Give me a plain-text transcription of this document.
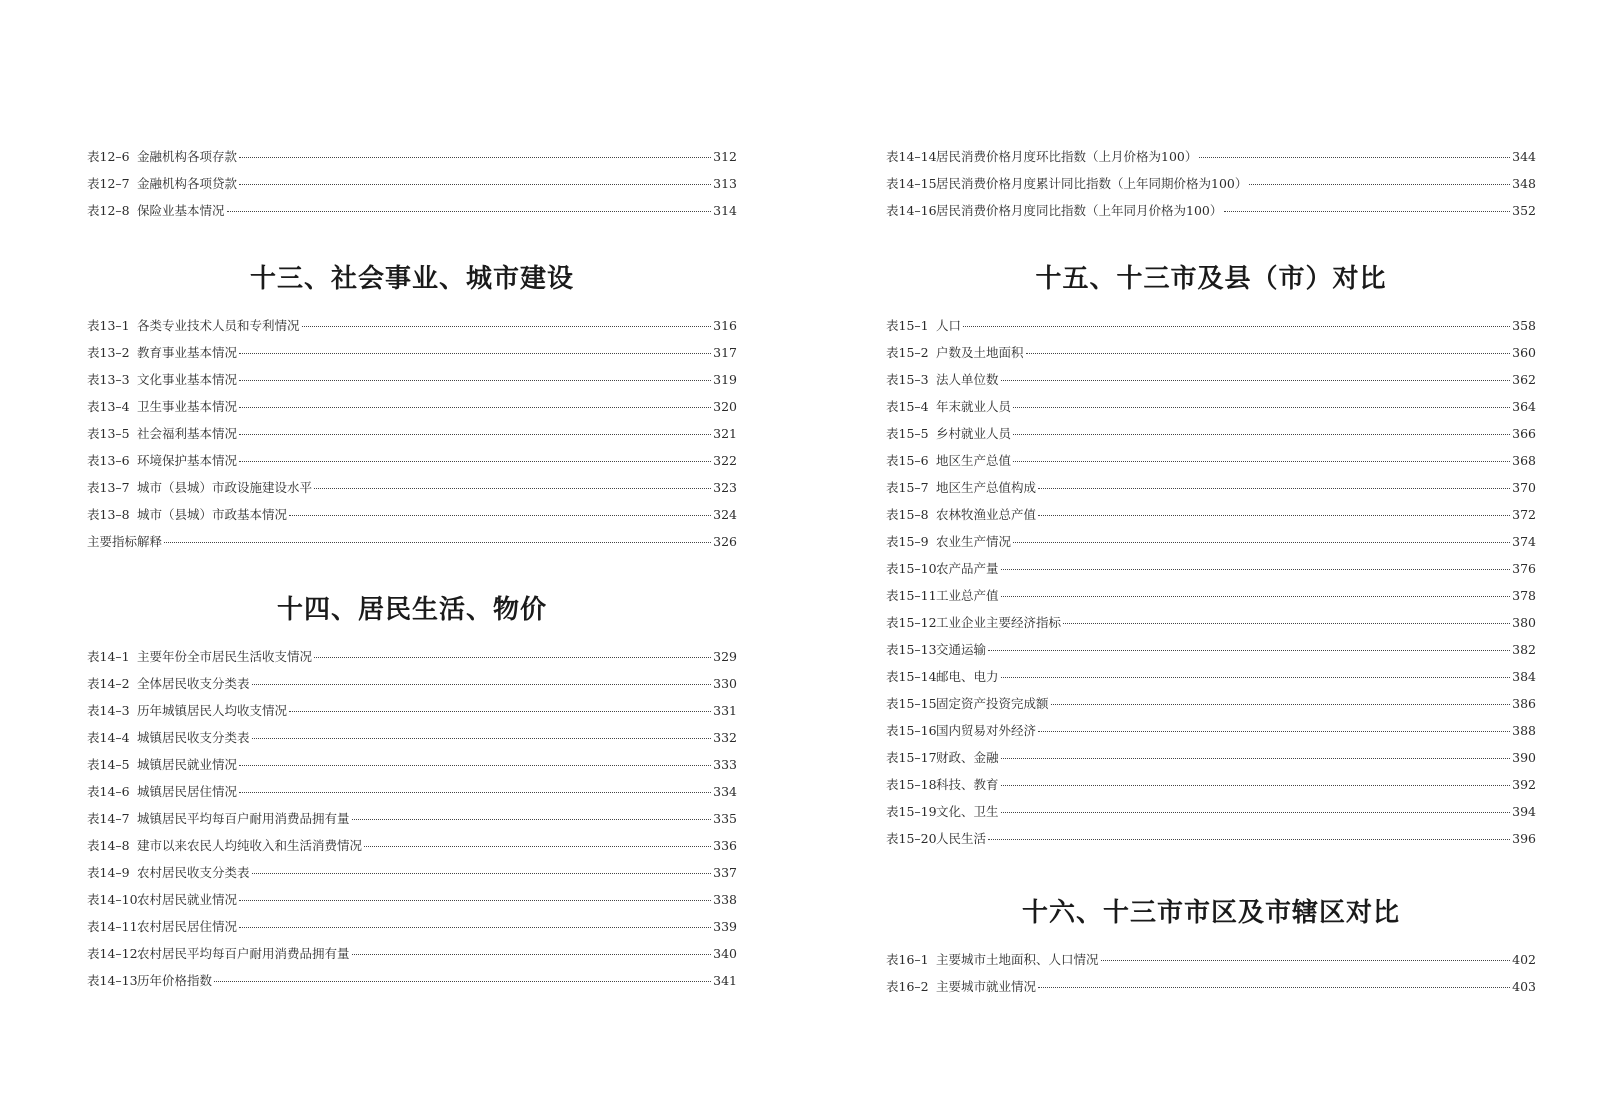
表12–6 金融机构各项存款	312
表12–7 金融机构各项贷款	313
表12–8 保险业基本情况	314
十三、社会事业、城市建设
表13–1 各类专业技术人员和专利情况	316
表13–2 教育事业基本情况	317
表13–3 文化事业基本情况	319
表13–4 卫生事业基本情况	320
表13–5 社会福利基本情况	321
表13–6 环境保护基本情况	322
表13–7 城市（县城）市政设施建设水平	323
表13–8 城市（县城）市政基本情况	324
主要指标解释	326
十四、居民生活、物价
表14–1 主要年份全市居民生活收支情况	329
表14–2 全体居民收支分类表	330
表14–3 历年城镇居民人均收支情况	331
表14–4 城镇居民收支分类表	332
表14–5 城镇居民就业情况	333
表14–6 城镇居民居住情况	334
表14–7 城镇居民平均每百户耐用消费品拥有量	335
表14–8 建市以来农民人均纯收入和生活消费情况	336
表14–9 农村居民收支分类表	337
表14–10 农村居民就业情况	338
表14–11 农村居民居住情况	339
表14–12 农村居民平均每百户耐用消费品拥有量	340
表14–13 历年价格指数	341
表14–14 居民消费价格月度环比指数（上月价格为100）	344
表14–15 居民消费价格月度累计同比指数（上年同期价格为100）	348
表14–16 居民消费价格月度同比指数（上年同月价格为100）	352
十五、十三市及县（市）对比
表15–1 人口	358
表15–2 户数及土地面积	360
表15–3 法人单位数	362
表15–4 年末就业人员	364
表15–5 乡村就业人员	366
表15–6 地区生产总值	368
表15–7 地区生产总值构成	370
表15–8 农林牧渔业总产值	372
表15–9 农业生产情况	374
表15–10 农产品产量	376
表15–11 工业总产值	378
表15–12 工业企业主要经济指标	380
表15–13 交通运输	382
表15–14 邮电、电力	384
表15–15 固定资产投资完成额	386
表15–16 国内贸易对外经济	388
表15–17 财政、金融	390
表15–18 科技、教育	392
表15–19 文化、卫生	394
表15–20 人民生活	396
十六、十三市市区及市辖区对比
表16–1 主要城市土地面积、人口情况	402
表16–2 主要城市就业情况	403
